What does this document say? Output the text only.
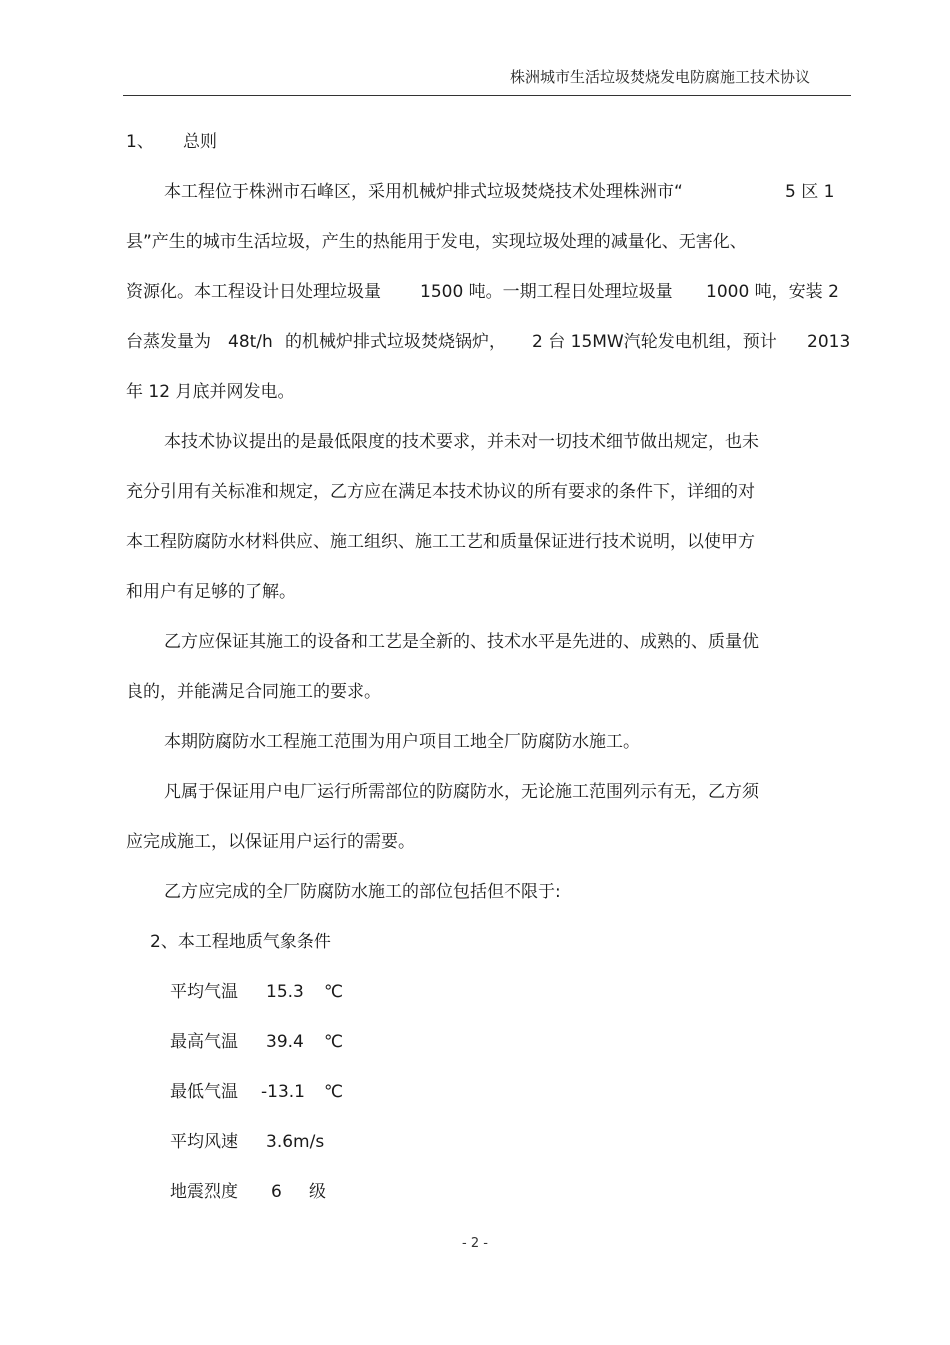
株洲城市生活垃圾焚烧发电防腐施工技术协议
1、 总则
本工程位于株洲市石峰区，采用机械炉排式垃圾焚烧技术处理株洲市“	5 区 1
县”产生的城市生活垃圾，产生的热能用于发电，实现垃圾处理的减量化、无害化、
资源化。本工程设计日处理垃圾量 1500 吨。一期工程日处理垃圾量 1000 吨，安装 2
台蒸发量为 48t/h 的机械炉排式垃圾焚烧锅炉， 2 台 15MW汽轮发电机组，预计 2013
年 12 月底并网发电。
本技术协议提出的是最低限度的技术要求，并未对一切技术细节做出规定，也未
充分引用有关标准和规定，乙方应在满足本技术协议的所有要求的条件下，详细的对
本工程防腐防水材料供应、施工组织、施工工艺和质量保证进行技术说明，以使甲方
和用户有足够的了解。
乙方应保证其施工的设备和工艺是全新的、技术水平是先进的、成熟的、质量优
良的，并能满足合同施工的要求。
本期防腐防水工程施工范围为用户项目工地全厂防腐防水施工。
凡属于保证用户电厂运行所需部位的防腐防水，无论施工范围列示有无，乙方须
应完成施工，以保证用户运行的需要。
乙方应完成的全厂防腐防水施工的部位包括但不限于:
2、本工程地质气象条件
平均气温 15.3 ℃
最高气温 39.4 ℃
最低气温 -13.1 ℃
平均风速 3.6m/s
地震烈度 6 级
- 2 -
